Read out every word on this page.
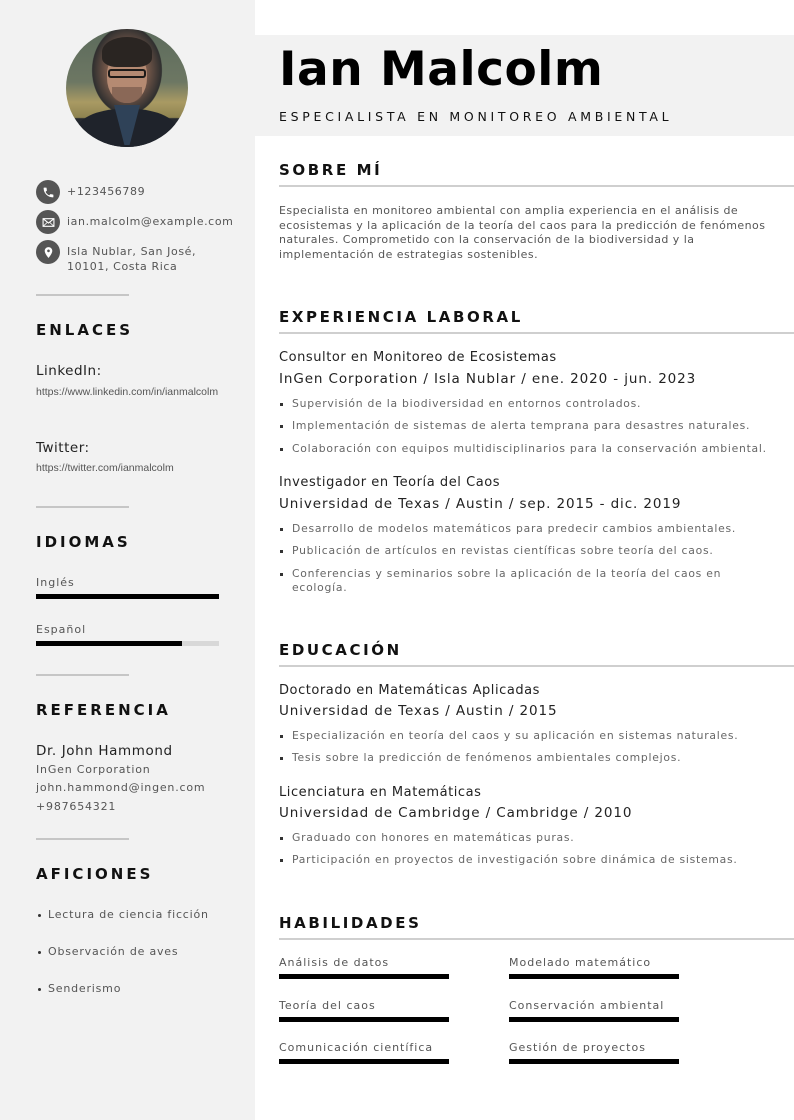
+123456789
ian.malcolm@example.com
Isla Nublar, San José,
10101, Costa Rica
ENLACES
LinkedIn:
https://www.linkedin.com/in/ianmalcolm
Twitter:
https://twitter.com/ianmalcolm
IDIOMAS
Inglés
Español
REFERENCIA
Dr. John Hammond
InGen Corporation
john.hammond@ingen.com
+987654321
AFICIONES
Lectura de ciencia ficción
Observación de aves
Senderismo
Ian Malcolm
ESPECIALISTA EN MONITOREO AMBIENTAL
SOBRE MÍ

Especialista en monitoreo ambiental con amplia experiencia en el análisis de ecosistemas y la aplicación de la teoría del caos para la predicción de fenómenos naturales. Comprometido con la conservación de la biodiversidad y la implementación de estrategias sostenibles.

EXPERIENCIA LABORAL
Consultor en Monitoreo de Ecosistemas
InGen Corporation / Isla Nublar / ene. 2020 - jun. 2023
Supervisión de la biodiversidad en entornos controlados.
Implementación de sistemas de alerta temprana para desastres naturales.
Colaboración con equipos multidisciplinarios para la conservación ambiental.
Investigador en Teoría del Caos
Universidad de Texas / Austin / sep. 2015 - dic. 2019
Desarrollo de modelos matemáticos para predecir cambios ambientales.
Publicación de artículos en revistas científicas sobre teoría del caos.
Conferencias y seminarios sobre la aplicación de la teoría del caos en ecología.
EDUCACIÓN
Doctorado en Matemáticas Aplicadas
Universidad de Texas / Austin / 2015
Especialización en teoría del caos y su aplicación en sistemas naturales.
Tesis sobre la predicción de fenómenos ambientales complejos.
Licenciatura en Matemáticas
Universidad de Cambridge / Cambridge / 2010
Graduado con honores en matemáticas puras.
Participación en proyectos de investigación sobre dinámica de sistemas.
HABILIDADES
Análisis de datos	Modelado matemático
Teoría del caos	Conservación ambiental
Comunicación científica	Gestión de proyectos
